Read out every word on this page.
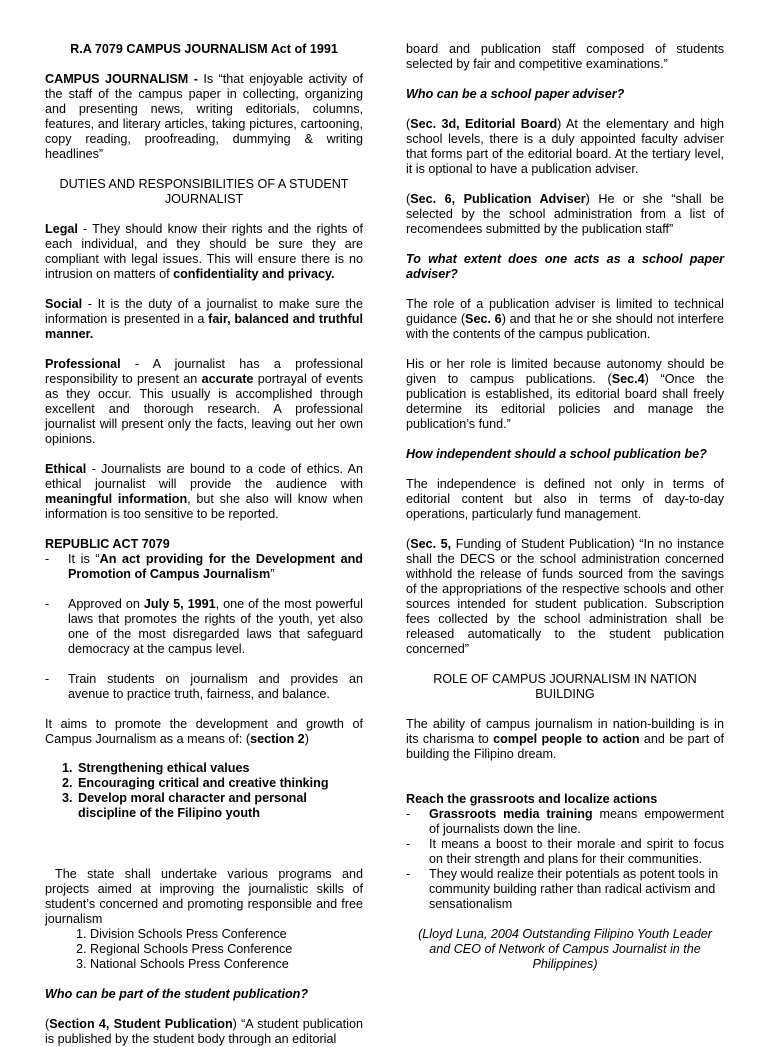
R.A 7079 CAMPUS JOURNALISM Act of 1991

CAMPUS JOURNALISM - Is “that enjoyable activity of the staff of the campus paper in collecting, organizing and presenting news, writing editorials, columns, features, and literary articles, taking pictures, cartooning, copy reading, proofreading, dummying & writing headlines”

DUTIES AND RESPONSIBILITIES OF A STUDENT JOURNALIST

Legal - They should know their rights and the rights of each individual, and they should be sure they are compliant with legal issues. This will ensure there is no intrusion on matters of confidentiality and privacy.

Social - It is the duty of a journalist to make sure the information is presented in a fair, balanced and truthful manner.

Professional - A journalist has a professional responsibility to present an accurate portrayal of events as they occur. This usually is accomplished through excellent and thorough research. A professional journalist will present only the facts, leaving out her own opinions.

Ethical - Journalists are bound to a code of ethics. An ethical journalist will provide the audience with meaningful information, but she also will know when information is too sensitive to be reported.

REPUBLIC ACT 7079

- It is “An act providing for the Development and Promotion of Campus Journalism”

- Approved on July 5, 1991, one of the most powerful laws that promotes the rights of the youth, yet also one of the most disregarded laws that safeguard democracy at the campus level.

- Train students on journalism and provides an avenue to practice truth, fairness, and balance.

It aims to promote the development and growth of Campus Journalism as a means of: (section 2)

1. Strengthening ethical values
2. Encouraging critical and creative thinking
3. Develop moral character and personal discipline of the Filipino youth

The state shall undertake various programs and projects aimed at improving the journalistic skills of student’s concerned and promoting responsible and free journalism

1. Division Schools Press Conference
2. Regional Schools Press Conference
3. National Schools Press Conference

Who can be part of the student publication?

(Section 4, Student Publication) “A student publication is published by the student body through an editorial

board and publication staff composed of students selected by fair and competitive examinations.”

Who can be a school paper adviser?

(Sec. 3d, Editorial Board) At the elementary and high school levels, there is a duly appointed faculty adviser that forms part of the editorial board. At the tertiary level, it is optional to have a publication adviser.

(Sec. 6, Publication Adviser) He or she “shall be selected by the school administration from a list of recomendees submitted by the publication staff”

To what extent does one acts as a school paper adviser?

The role of a publication adviser is limited to technical guidance (Sec. 6) and that he or she should not interfere with the contents of the campus publication.

His or her role is limited because autonomy should be given to campus publications. (Sec.4) “Once the publication is established, its editorial board shall freely determine its editorial policies and manage the publication’s fund.”

How independent should a school publication be?

The independence is defined not only in terms of editorial content but also in terms of day-to-day operations, particularly fund management.

(Sec. 5, Funding of Student Publication) “In no instance shall the DECS or the school administration concerned withhold the release of funds sourced from the savings of the appropriations of the respective schools and other sources intended for student publication. Subscription fees collected by the school administration shall be released automatically to the student publication concerned”

ROLE OF CAMPUS JOURNALISM IN NATION BUILDING

The ability of campus journalism in nation-building is in its charisma to compel people to action and be part of building the Filipino dream.

Reach the grassroots and localize actions

- Grassroots media training means empowerment of journalists down the line.

- It means a boost to their morale and spirit to focus on their strength and plans for their communities.

- They would realize their potentials as potent tools in community building rather than radical activism and sensationalism

(Lloyd Luna, 2004 Outstanding Filipino Youth Leader and CEO of Network of Campus Journalist in the Philippines)
